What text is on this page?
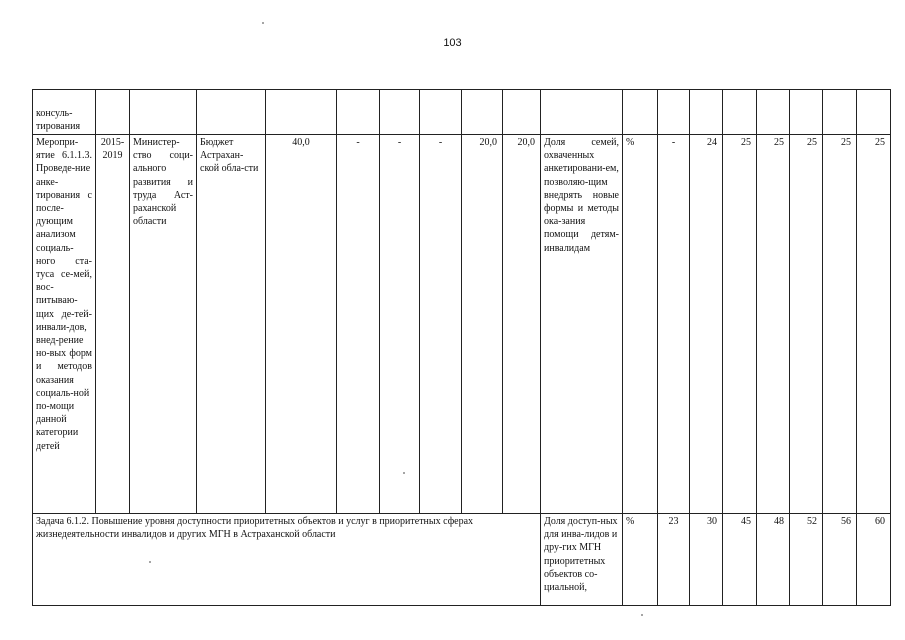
103
консуль-тирования																		
Меропри-ятие 6.1.1.3. Проведе-ние анке-тирования с после-дующим анализом социаль-ного ста-туса се-мей, вос-питываю-щих де-тей-инвали-дов, внед-рение но-вых форм и методов оказания социаль-ной по-мощи данной категории детей	2015-2019	Министер-ство соци-ального развития и труда Аст-раханской области	Бюджет Астрахан-ской обла-сти	40,0	-	-	-	20,0	20,0	Доля семей, охваченных анкетировани-ем, позволяю-щим внедрять новые формы и методы ока-зания помощи детям-инвалидам	%	-	24	25	25	25	25	25
Задача 6.1.2. Повышение уровня доступности приоритетных объектов и услуг в приоритетных сферах жизнедеятельности инвалидов и других МГН в Астраханской области										Доля доступ-ных для инва-лидов и дру-гих МГН приоритетных объектов со-циальной,	%	23	30	45	48	52	56	60
